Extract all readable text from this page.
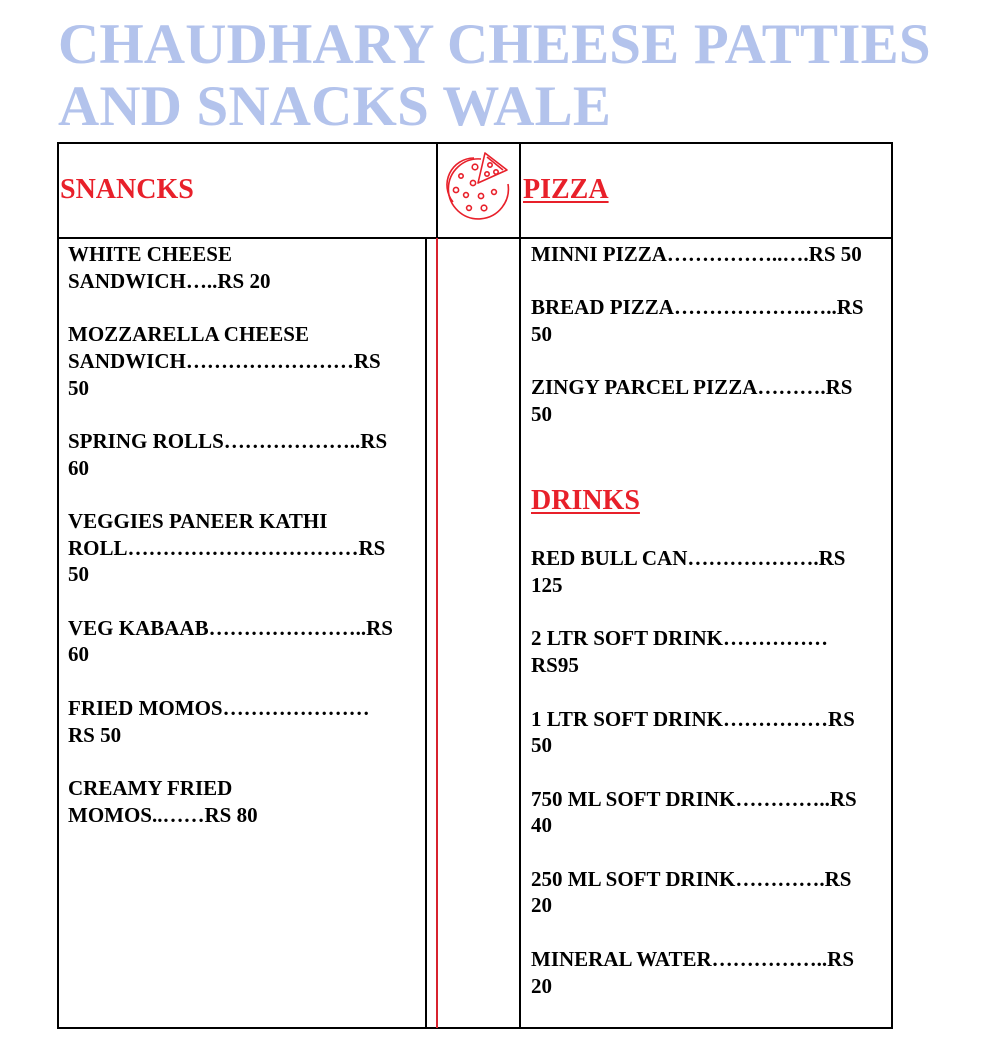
CHAUDHARY CHEESE PATTIES
AND SNACKS WALE
SNANCKS	PIZZA

WHITE CHEESE
SANDWICH…..RS 20

MOZZARELLA CHEESE
SANDWICH……………………RS
50

SPRING ROLLS………………..RS
60

VEGGIES PANEER KATHI
ROLL……………………………RS
50

VEG KABAAB…………………..RS
60

FRIED MOMOS…………………
RS 50

CREAMY FRIED
MOMOS..……RS 80

MINNI PIZZA……………..….RS 50

BREAD PIZZA……………….…..RS
50

ZINGY PARCEL PIZZA……….RS
50

DRINKS

RED BULL CAN……………….RS
125

2 LTR SOFT DRINK……………
RS95

1 LTR SOFT DRINK……………RS
50

750 ML SOFT DRINK…………..RS
40

250 ML SOFT DRINK………….RS
20

MINERAL WATER……………..RS
20
